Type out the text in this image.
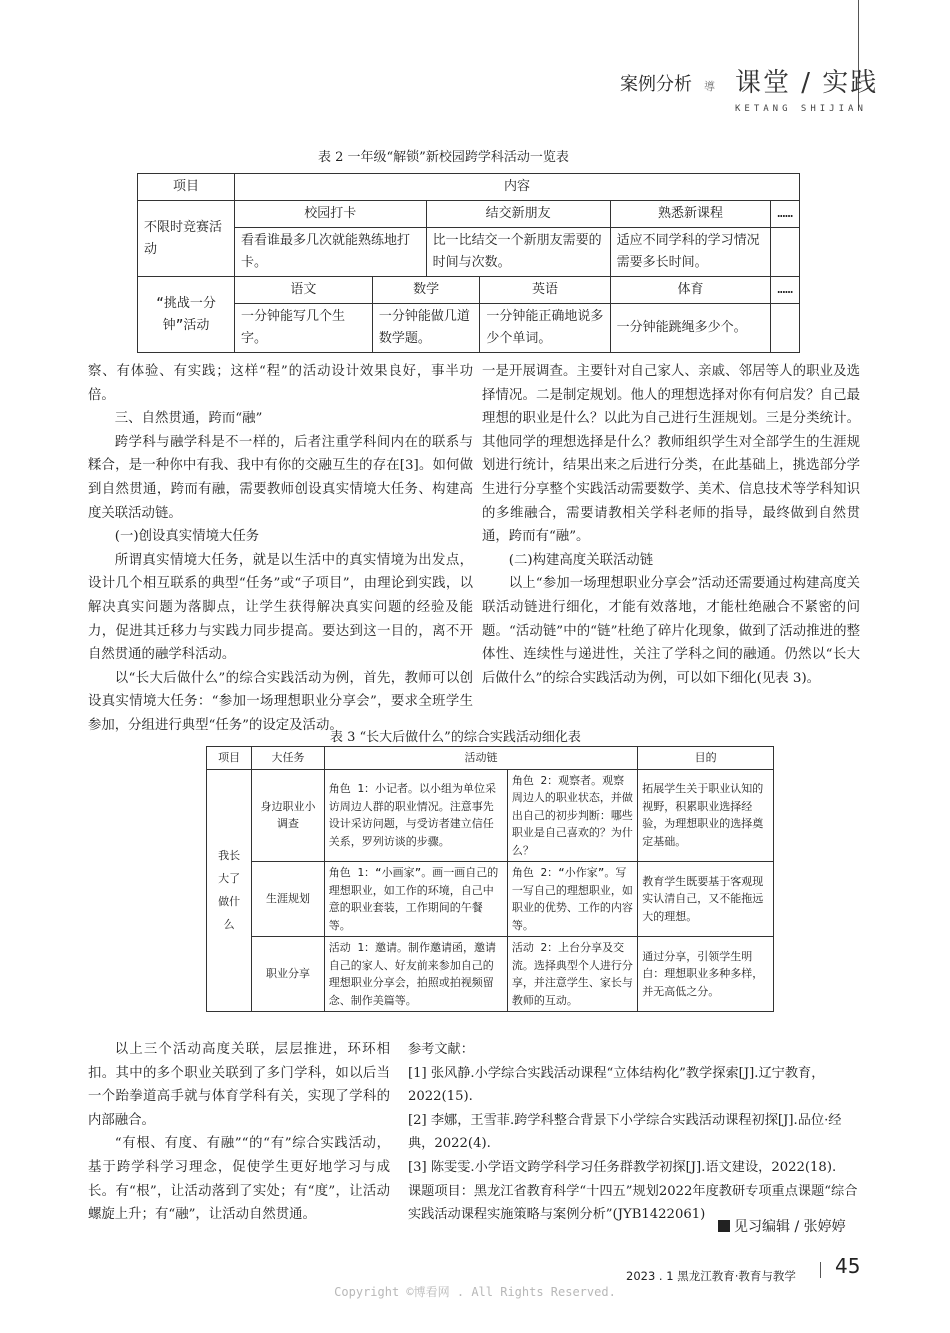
案例分析 導 课堂 / 实践
KETANG SHIJIAN
表 2 一年级“解锁”新校园跨学科活动一览表
项目	内容					
不限时竞赛活动	校园打卡		结交新朋友		熟悉新课程	……
	看看谁最多几次就能熟练地打卡。		比一比结交一个新朋友需要的时间与次数。		适应不同学科的学习情况需要多长时间。	
“挑战一分钟”活动	语文	数学		英语	体育	……
	一分钟能写几个生字。	一分钟能做几道数学题。		一分钟能正确地说多少个单词。	一分钟能跳绳多少个。	

察、有体验、有实践；这样“程”的活动设计效果良好，事半功倍。

三、自然贯通，跨而“融”

跨学科与融学科是不一样的，后者注重学科间内在的联系与糅合，是一种你中有我、我中有你的交融互生的存在[3]。如何做到自然贯通，跨而有融，需要教师创设真实情境大任务、构建高度关联活动链。

(一)创设真实情境大任务

所谓真实情境大任务，就是以生活中的真实情境为出发点，设计几个相互联系的典型“任务”或“子项目”，由理论到实践，以解决真实问题为落脚点，让学生获得解决真实问题的经验及能力，促进其迁移力与实践力同步提高。要达到这一目的，离不开自然贯通的融学科活动。

以“长大后做什么”的综合实践活动为例，首先，教师可以创设真实情境大任务：“参加一场理想职业分享会”，要求全班学生参加，分组进行典型“任务”的设定及活动。

一是开展调查。主要针对自己家人、亲戚、邻居等人的职业及选择情况。二是制定规划。他人的理想选择对你有何启发？自己最理想的职业是什么？以此为自己进行生涯规划。三是分类统计。其他同学的理想选择是什么？教师组织学生对全部学生的生涯规划进行统计，结果出来之后进行分类，在此基础上，挑选部分学生进行分享整个实践活动需要数学、美术、信息技术等学科知识的多维融合，需要请教相关学科老师的指导，最终做到自然贯通，跨而有“融”。

(二)构建高度关联活动链

以上“参加一场理想职业分享会”活动还需要通过构建高度关联活动链进行细化，才能有效落地，才能杜绝融合不紧密的问题。“活动链”中的“链”杜绝了碎片化现象，做到了活动推进的整体性、连续性与递进性，关注了学科之间的融通。仍然以“长大后做什么”的综合实践活动为例，可以如下细化(见表 3)。

表 3 “长大后做什么”的综合实践活动细化表
项目	大任务	活动链		目的
我长大了做什么	身边职业小调查	角色 1：小记者。以小组为单位采访周边人群的职业情况。注意事先设计采访问题，与受访者建立信任关系，罗列访谈的步骤。	角色 2：观察者。观察周边人的职业状态，并做出自己的初步判断：哪些职业是自己喜欢的？为什么？	拓展学生关于职业认知的视野，积累职业选择经验，为理想职业的选择奠定基础。
	生涯规划	角色 1：“小画家”。画一画自己的理想职业，如工作的环境，自己中意的职业套装，工作期间的午餐等。	角色 2：“小作家”。写一写自己的理想职业，如职业的优势、工作的内容等。	教育学生既要基于客观现实认清自己，又不能拖远大的理想。
	职业分享	活动 1：邀请。制作邀请函，邀请自己的家人、好友前来参加自己的理想职业分享会，拍照或拍视频留念、制作美篇等。	活动 2：上台分享及交流。选择典型个人进行分享，并注意学生、家长与教师的互动。	通过分享，引领学生明白：理想职业多种多样，并无高低之分。

以上三个活动高度关联，层层推进，环环相扣。其中的多个职业关联到了多门学科，如以后当一个跆拳道高手就与体育学科有关，实现了学科的内部融合。

“有根、有度、有融”“的“有”综合实践活动，基于跨学科学习理念，促使学生更好地学习与成长。有“根”，让活动落到了实处；有“度”，让活动螺旋上升；有“融”，让活动自然贯通。

参考文献：

[1] 张风静.小学综合实践活动课程“立体结构化”教学探索[J].辽宁教育，2022(15).

[2] 李娜，王雪菲.跨学科整合背景下小学综合实践活动课程初探[J].品位·经典，2022(4).

[3] 陈雯雯.小学语文跨学科学习任务群教学初探[J].语文建设，2022(18).

课题项目：黑龙江省教育科学“十四五”规划2022年度教研专项重点课题“综合实践活动课程实施策略与案例分析”(JYB1422061)

见习编辑 / 张婷婷
2023 . 1 黑龙江教育·教育与教学 45
Copyright ©博看网 . All Rights Reserved.
